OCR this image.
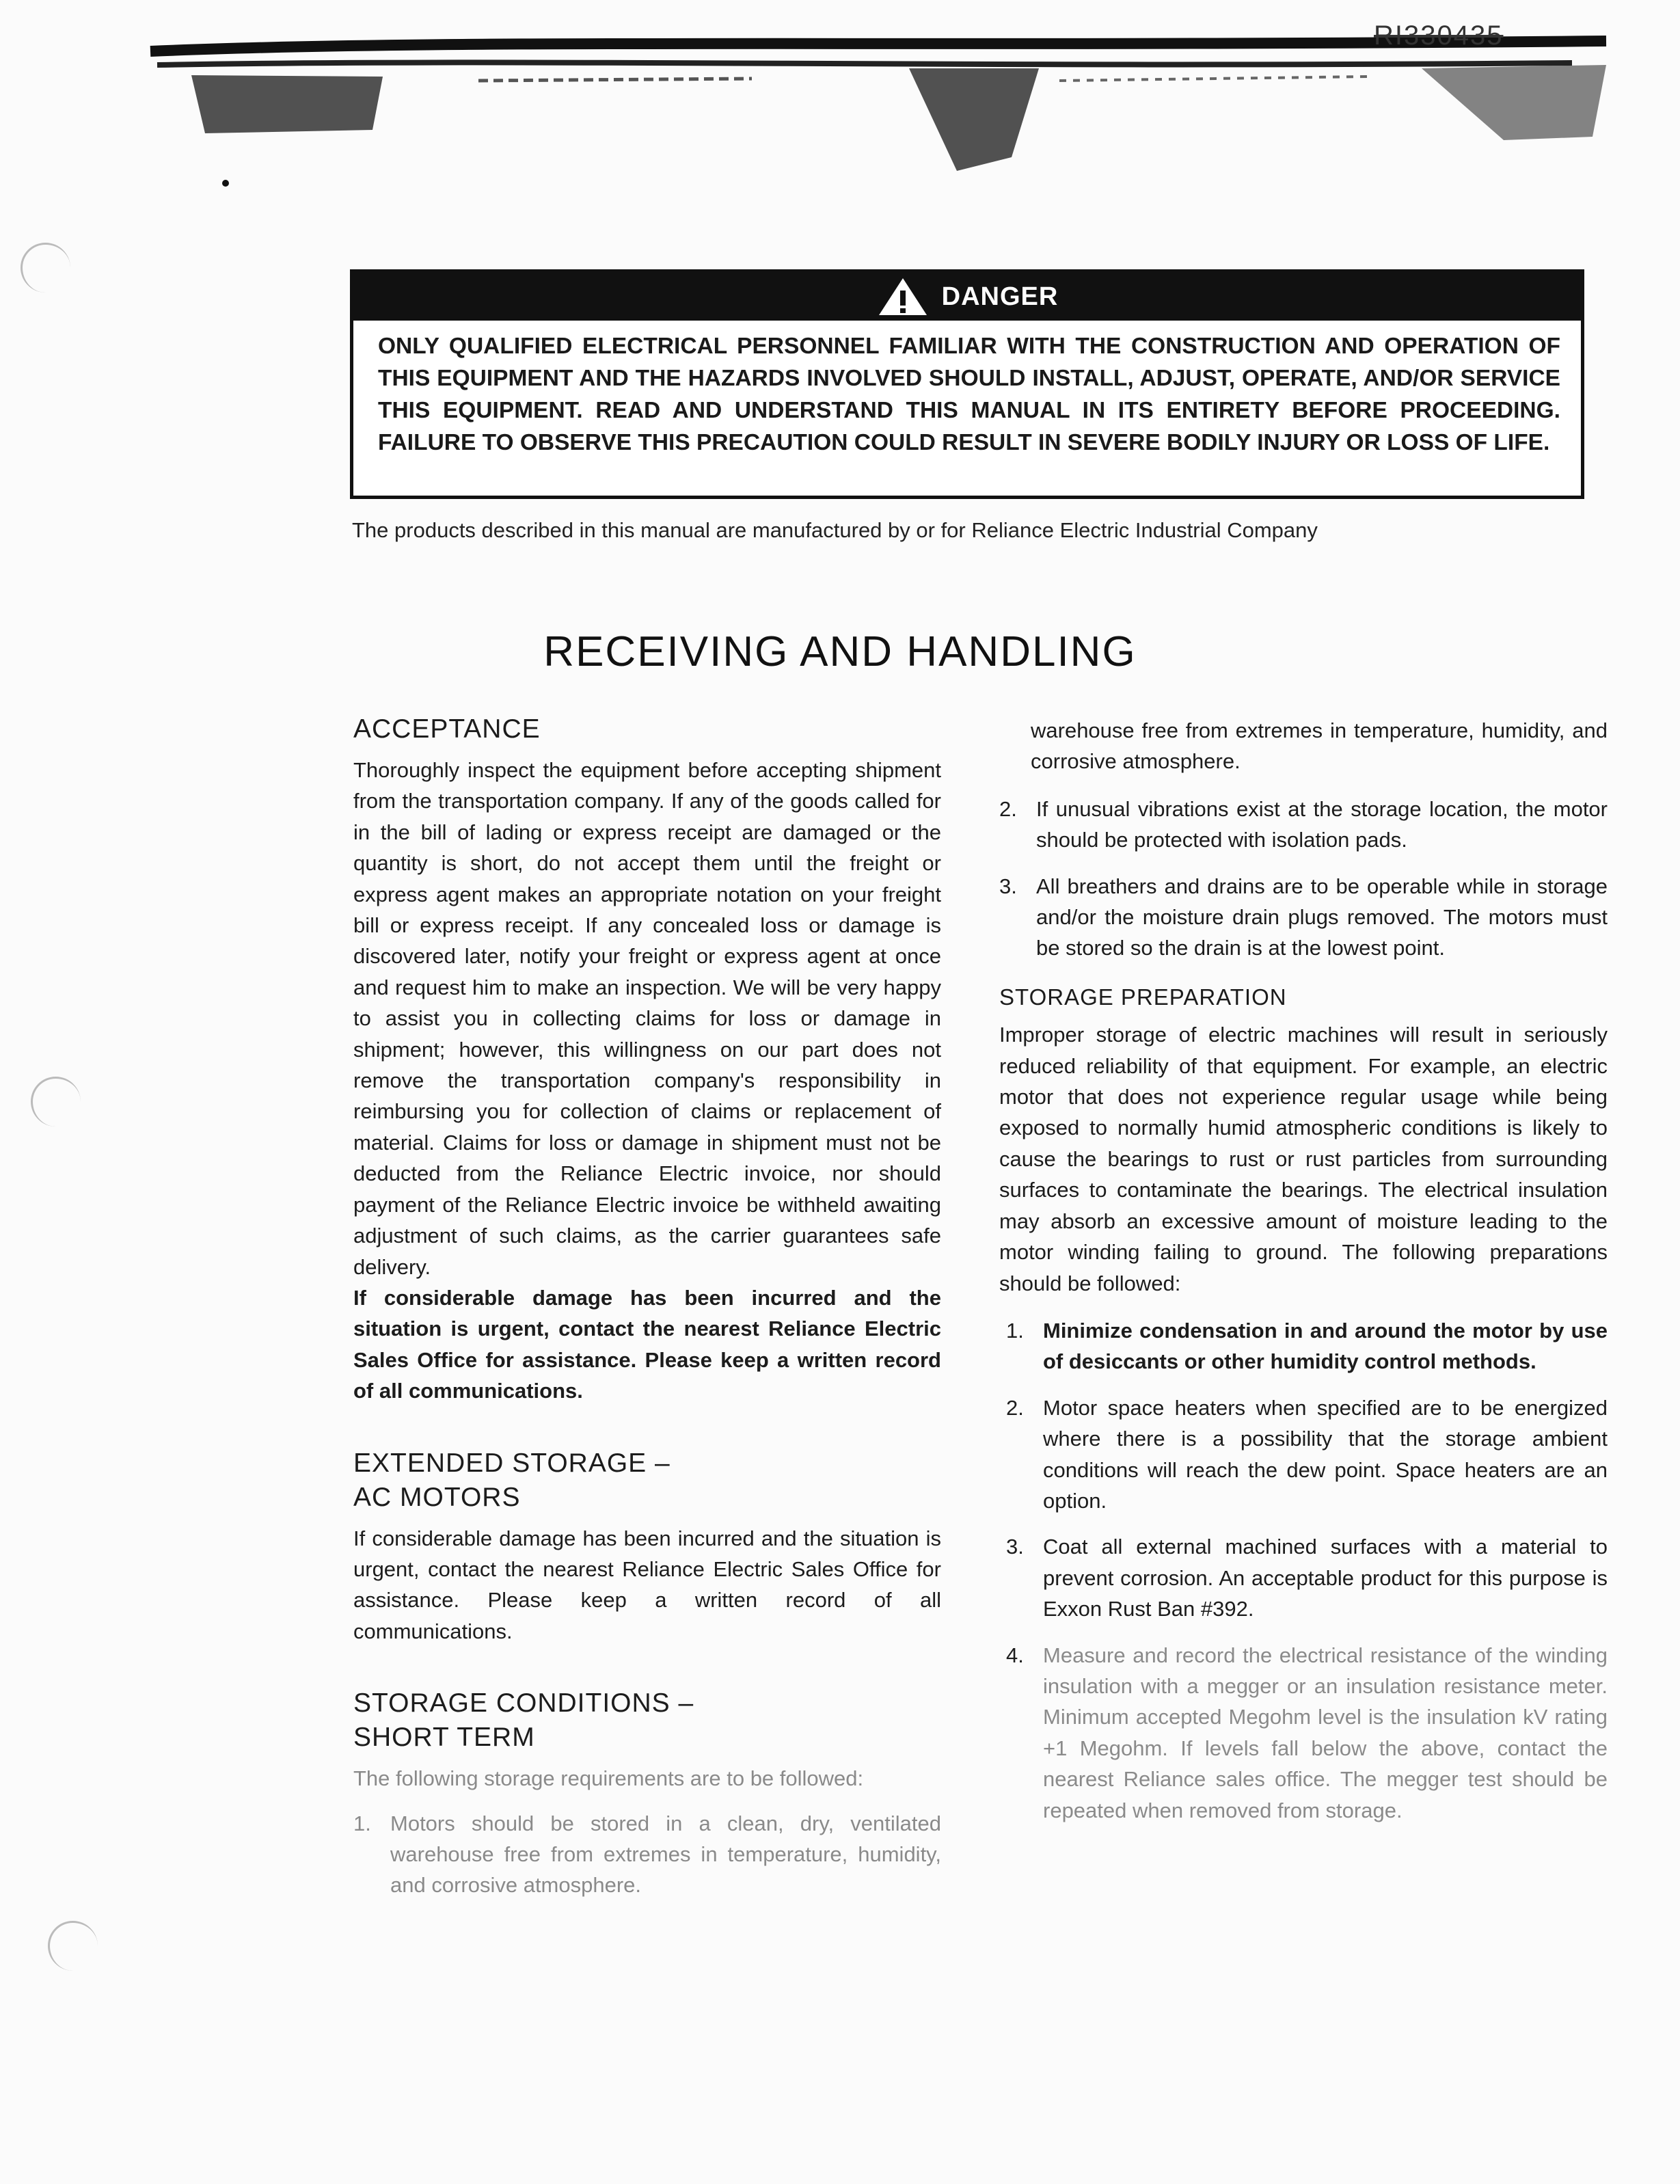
RI330435
DANGER
ONLY QUALIFIED ELECTRICAL PERSONNEL FAMILIAR WITH THE CONSTRUCTION AND OPERATION OF THIS EQUIPMENT AND THE HAZARDS INVOLVED SHOULD INSTALL, ADJUST, OPERATE, AND/OR SERVICE THIS EQUIPMENT. READ AND UNDERSTAND THIS MANUAL IN ITS ENTIRETY BEFORE PROCEEDING. FAILURE TO OBSERVE THIS PRECAUTION COULD RESULT IN SEVERE BODILY INJURY OR LOSS OF LIFE.
The products described in this manual are manufactured by or for Reliance Electric Industrial Company
RECEIVING AND HANDLING
ACCEPTANCE

Thoroughly inspect the equipment before accepting shipment from the transportation company. If any of the goods called for in the bill of lading or express receipt are damaged or the quantity is short, do not accept them until the freight or express agent makes an appropriate notation on your freight bill or express receipt. If any concealed loss or damage is discovered later, notify your freight or express agent at once and request him to make an inspection. We will be very happy to assist you in collecting claims for loss or damage in shipment; however, this willingness on our part does not remove the transportation company's responsibility in reimbursing you for collection of claims or replacement of material. Claims for loss or damage in shipment must not be deducted from the Reliance Electric invoice, nor should payment of the Reliance Electric invoice be withheld awaiting adjustment of such claims, as the carrier guarantees safe delivery.

If considerable damage has been incurred and the situation is urgent, contact the nearest Reliance Electric Sales Office for assistance. Please keep a written record of all communications.

EXTENDED STORAGE –
AC MOTORS

If considerable damage has been incurred and the situation is urgent, contact the nearest Reliance Electric Sales Office for assistance. Please keep a written record of all communications.

STORAGE CONDITIONS –
SHORT TERM

The following storage requirements are to be followed:

1. Motors should be stored in a clean, dry, ventilated warehouse free from extremes in temperature, humidity, and corrosive atmosphere.

warehouse free from extremes in temperature, humidity, and corrosive atmosphere.

2. If unusual vibrations exist at the storage location, the motor should be protected with isolation pads.
3. All breathers and drains are to be operable while in storage and/or the moisture drain plugs removed. The motors must be stored so the drain is at the lowest point.
STORAGE PREPARATION

Improper storage of electric machines will result in seriously reduced reliability of that equipment. For example, an electric motor that does not experience regular usage while being exposed to normally humid atmospheric conditions is likely to cause the bearings to rust or rust particles from surrounding surfaces to contaminate the bearings. The electrical insulation may absorb an excessive amount of moisture leading to the motor winding failing to ground. The following preparations should be followed:

1. Minimize condensation in and around the motor by use of desiccants or other humidity control methods.
2. Motor space heaters when specified are to be energized where there is a possibility that the storage ambient conditions will reach the dew point. Space heaters are an option.
3. Coat all external machined surfaces with a material to prevent corrosion. An acceptable product for this purpose is Exxon Rust Ban #392.
4. Measure and record the electrical resistance of the winding insulation with a megger or an insulation resistance meter. Minimum accepted Megohm level is the insulation kV rating +1 Megohm. If levels fall below the above, contact the nearest Reliance sales office. The megger test should be repeated when removed from storage.
